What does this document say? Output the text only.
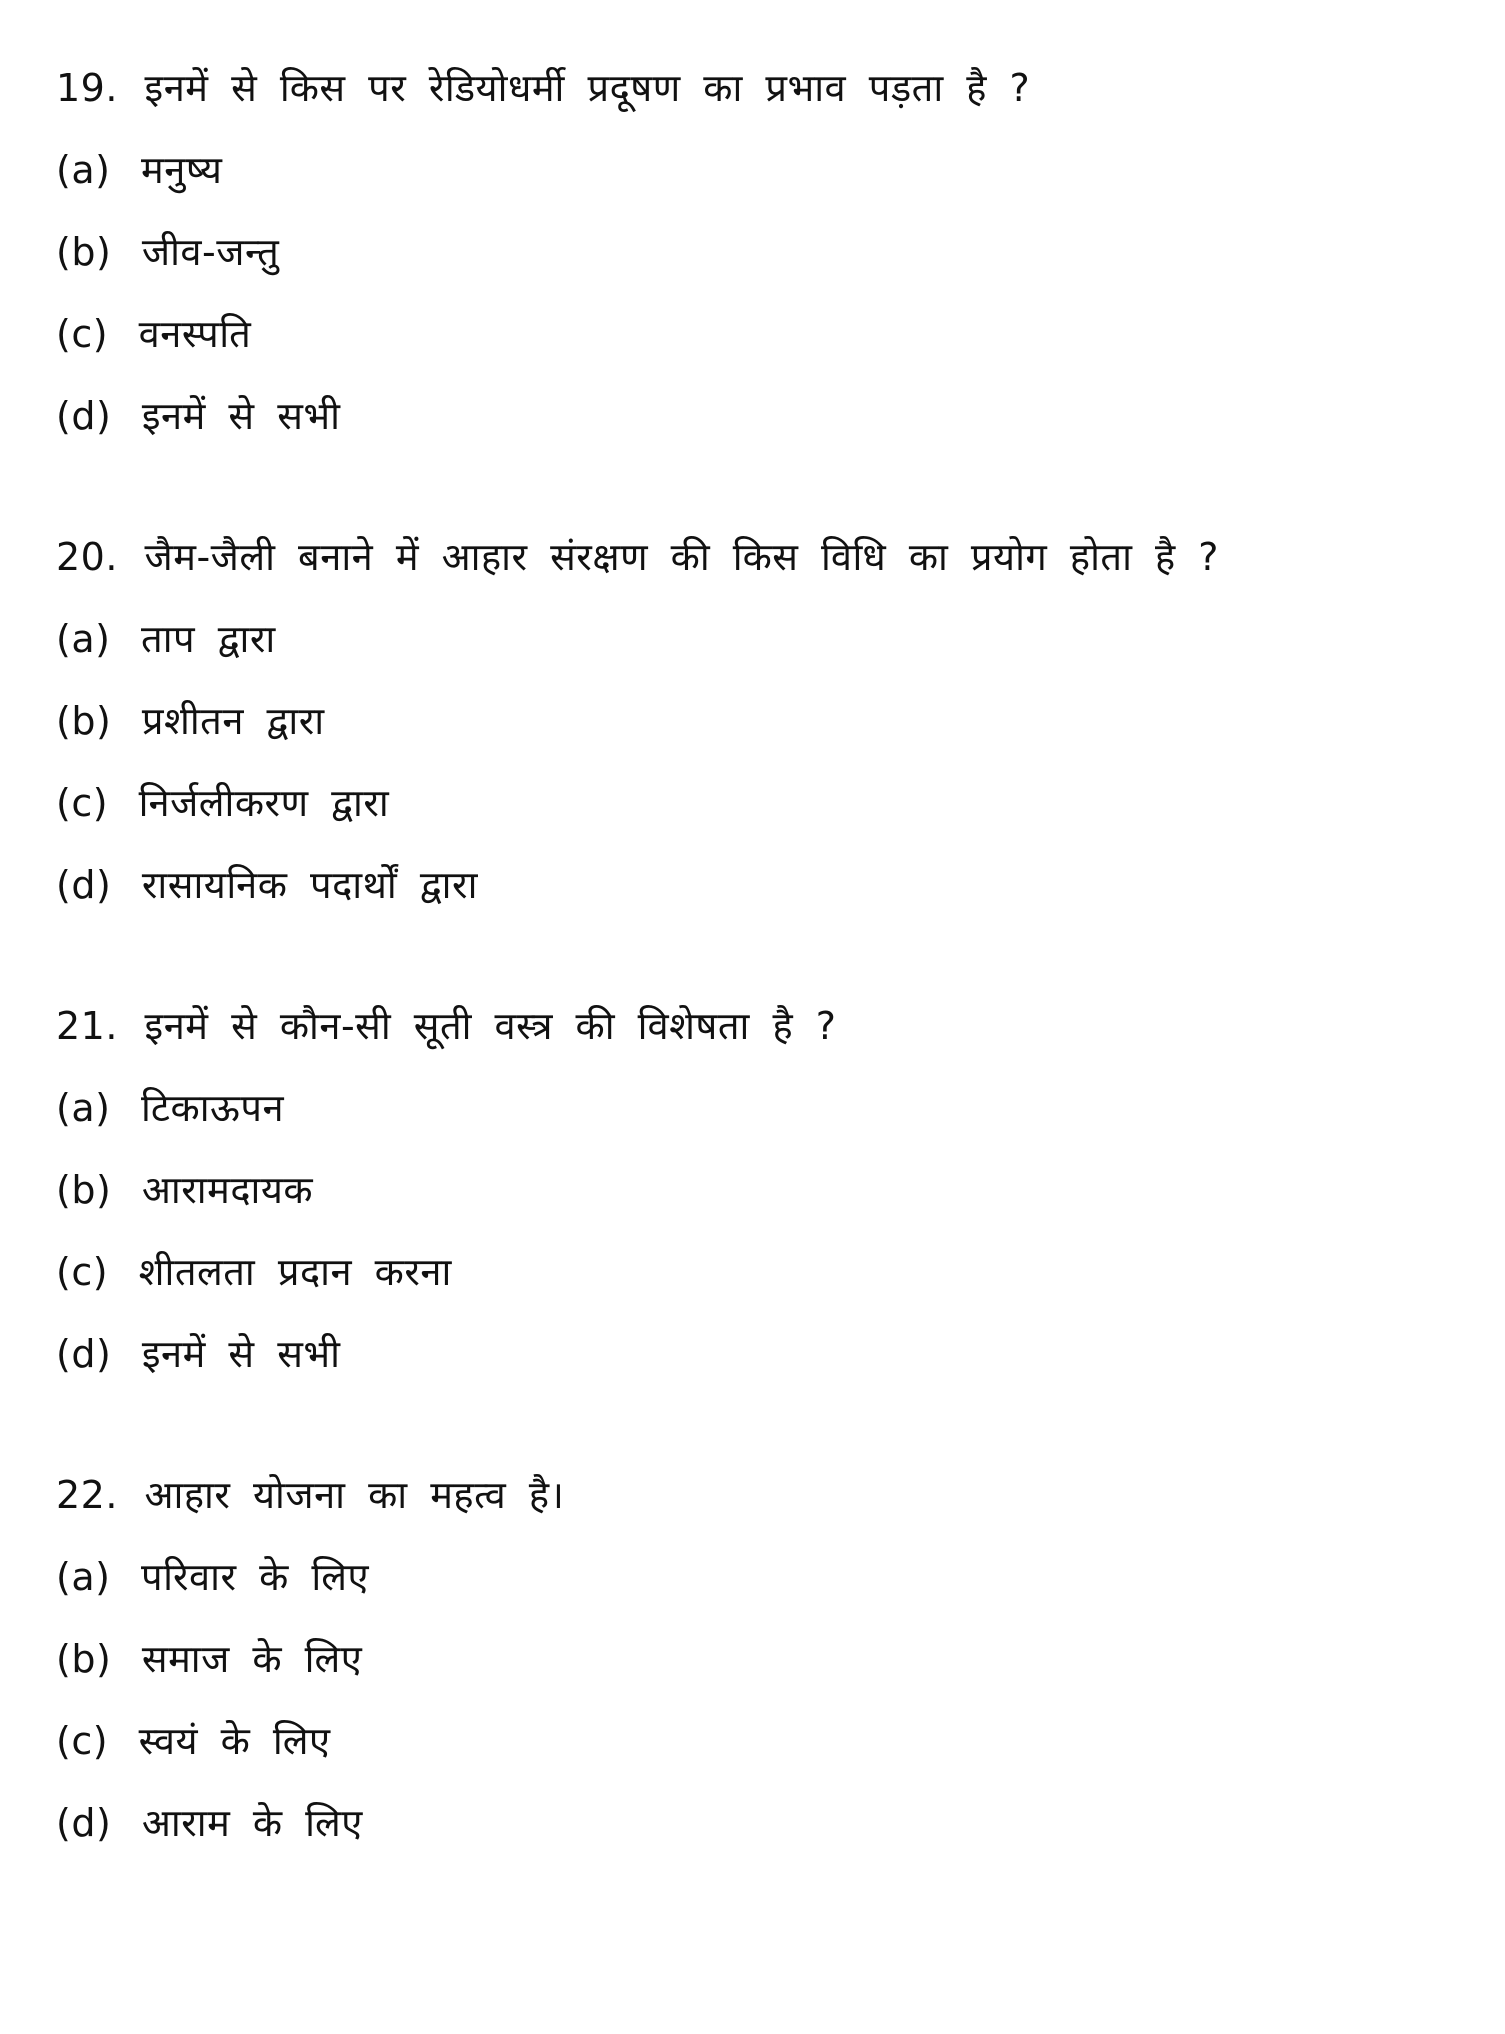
19. इनमें से किस पर रेडियोधर्मी प्रदूषण का प्रभाव पड़ता है ?
(a) मनुष्य
(b) जीव-जन्तु
(c) वनस्पति
(d) इनमें से सभी
20. जैम-जैली बनाने में आहार संरक्षण की किस विधि का प्रयोग होता है ?
(a) ताप द्वारा
(b) प्रशीतन द्वारा
(c) निर्जलीकरण द्वारा
(d) रासायनिक पदार्थों द्वारा
21. इनमें से कौन-सी सूती वस्त्र की विशेषता है ?
(a) टिकाऊपन
(b) आरामदायक
(c) शीतलता प्रदान करना
(d) इनमें से सभी
22. आहार योजना का महत्व है।
(a) परिवार के लिए
(b) समाज के लिए
(c) स्वयं के लिए
(d) आराम के लिए
